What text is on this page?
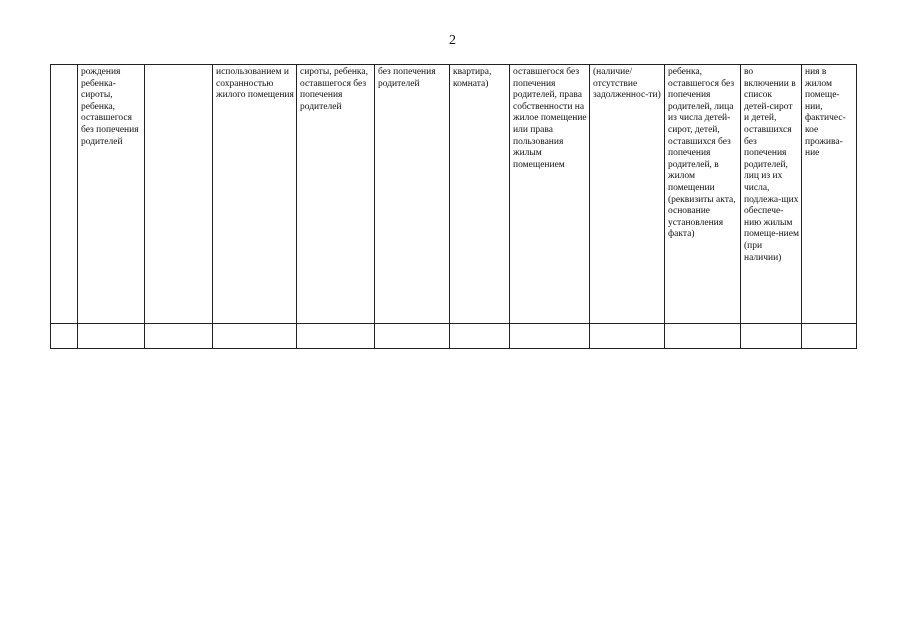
2

	рождения ребенка-сироты, ребенка, оставшегося без попечения родителей		использованием и сохранностью жилого помещения	сироты, ребенка, оставшегося без попечения родителей	без попечения родителей	квартира, комната)	оставшегося без попечения родителей, права собственности на жилое помещение или права пользования жилым помещением	(наличие/ отсутствие задолженнос-ти)	ребенка, оставшегося без попечения родителей, лица из числа детей-сирот, детей, оставшихся без попечения родителей, в жилом помещении (реквизиты акта, основание установления факта)	во включении в список детей-сирот и детей, оставшихся без попечения родителей, лиц из их числа, подлежа-щих обеспече-нию жилым помеще-нием (при наличии)	ния в жилом помеще-нии, фактичес-кое прожива-ние
